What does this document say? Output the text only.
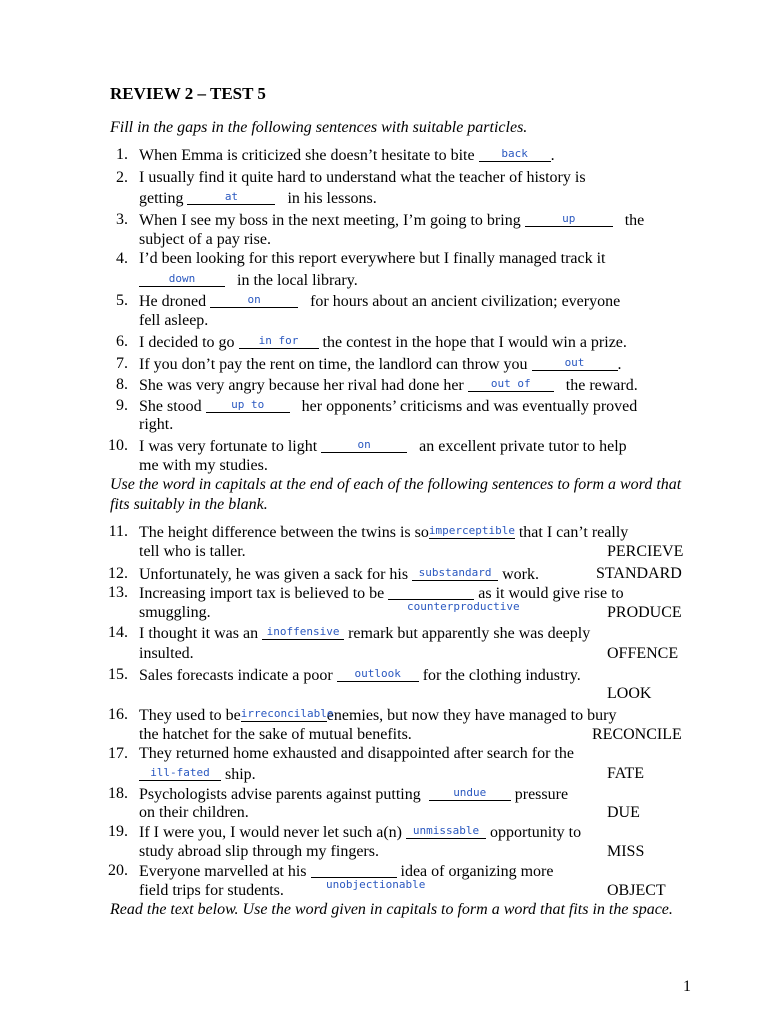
REVIEW 2 – TEST 5
Fill in the gaps in the following sentences with suitable particles.
1. When Emma is criticized she doesn’t hesitate to bite	back	.
2. I usually find it quite hard to understand what the teacher of history is
getting	at	in his lessons.
3. When I see my boss in the next meeting, I’m going to bring	up	the
subject of a pay rise.
4. I’d been looking for this report everywhere but I finally managed track it
down	in the local library.
5. He droned	on	for hours about an ancient civilization; everyone
fell asleep.
6. I decided to go	in for	the contest in the hope that I would win a prize.
7. If you don’t pay the rent on time, the landlord can throw you	out	.
8. She was very angry because her rival had done her	out of	the reward.
9. She stood	up to	her opponents’ criticisms and was eventually proved
right.
10. I was very fortunate to light	on	an excellent private tutor to help
me with my studies.
Use the word in capitals at the end of each of the following sentences to form a word that fits suitably in the blank.
11. The height difference between the twins is so imperceptible that I can’t really
tell who is taller.	PERCIEVE
12. Unfortunately, he was given a sack for his substandard work.	STANDARD
13. Increasing import tax is believed to be	as it would give rise to
counterproductive
smuggling.	PRODUCE
14. I thought it was an inoffensive remark but apparently she was deeply
insulted.	OFFENCE
15. Sales forecasts indicate a poor	outlook	for the clothing industry.
LOOK
16. They used to be irreconcilable
enemies, but now they have managed to bury
the hatchet for the sake of mutual benefits.	RECONCILE
17. They returned home exhausted and disappointed after search for the
ill-fated ship.	FATE
18. Psychologists advise parents against putting	undue	pressure
on their children.	DUE
19. If I were you, I would never let such a(n) unmissable opportunity to
study abroad slip through my fingers.	MISS
20. Everyone marvelled at his	idea of organizing more
unobjectionable
field trips for students.	OBJECT
Read the text below. Use the word given in capitals to form a word that fits in the space.
1
